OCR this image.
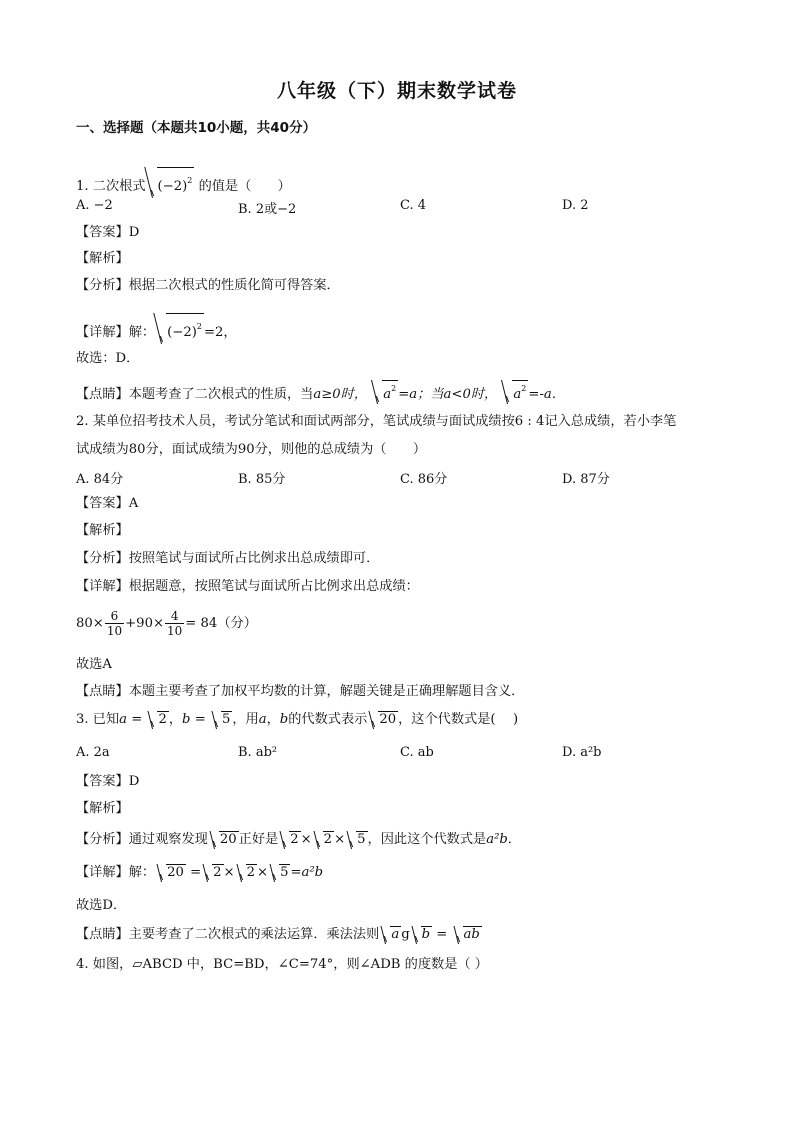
八年级（下）期末数学试卷
一、选择题（本题共10小题，共40分）
1. 二次根式 $(-2)^2$ 的值是（　　）
A. −2	B. 2或−2	C. 4	D. 2
【答案】D
【解析】
【分析】根据二次根式的性质化简可得答案．
【详解】解： $(-2)^2 =2$，
故选：D．
【点睛】本题考查了二次根式的性质，当a≥0时， $a^2 =a$；当a<0时， $a^2 =-a$．
2. 某单位招考技术人员，考试分笔试和面试两部分，笔试成绩与面试成绩按6 : 4记入总成绩，若小李笔
试成绩为80分，面试成绩为90分，则他的总成绩为（　　）
A. 84分	B. 85分	C. 86分	D. 87分
【答案】A
【解析】
【分析】按照笔试与面试所占比例求出总成绩即可．
【详解】根据题意，按照笔试与面试所占比例求出总成绩：
$80\times \frac{6}{10} +90\times \frac{4}{10} = 84$（分）
故选A
【点睛】本题主要考查了加权平均数的计算，解题关键是正确理解题目含义．
3. 已知a = 2 ，b = 5 ，用a，b的代数式表示 20 ，这个代数式是(　 )
A. 2a	B. ab²	C. ab	D. a²b
【答案】D
【解析】
【分析】通过观察发现 20 正好是 2 × 2 × 5 ，因此这个代数式是a²b．
【详解】解： 20 = 2 × 2 × 5 =a²b
故选D．
【点睛】主要考查了二次根式的乘法运算．乘法法则 a g b = ab
4. 如图，▱ABCD 中，BC=BD，∠C=74°，则∠ADB 的度数是（ ）
